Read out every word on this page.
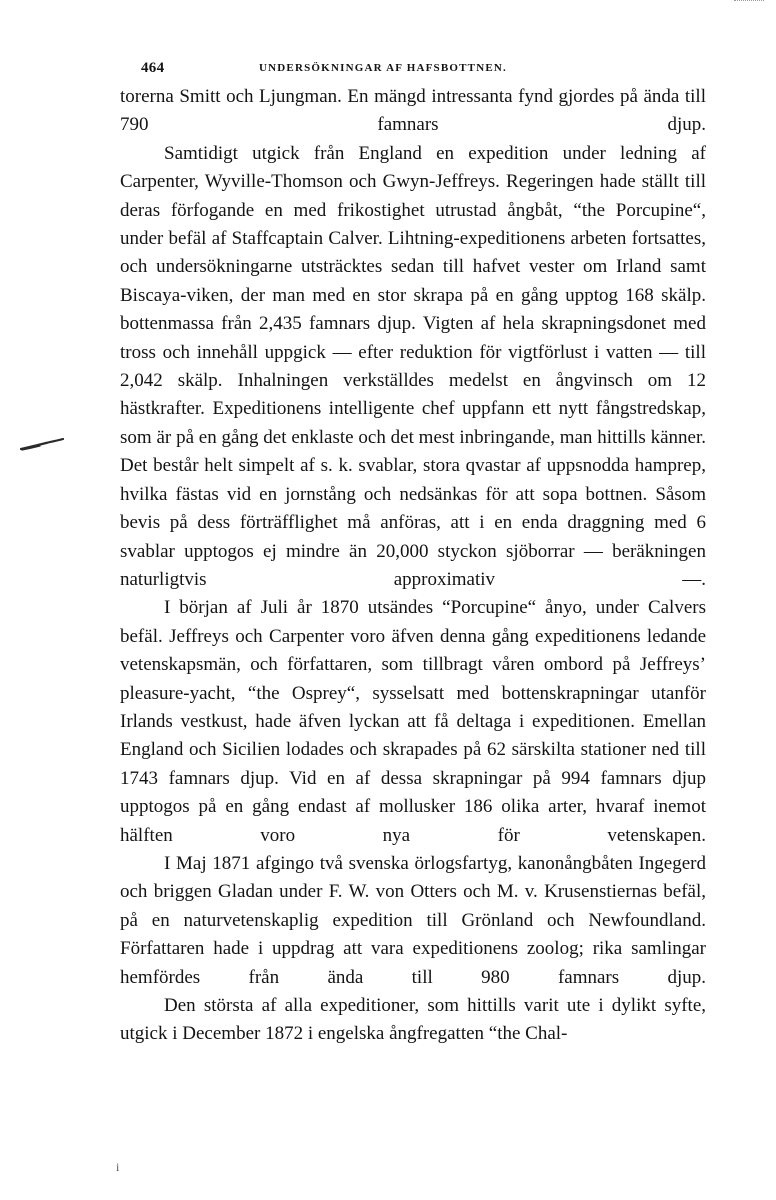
464	UNDERSÖKNINGAR AF HAFSBOTTNEN.

torerna Smitt och Ljungman. En mängd intressanta fynd gjordes på ända till 790 famnars djup.

Samtidigt utgick från England en expedition under ledning af Carpenter, Wyville-Thomson och Gwyn-Jeffreys. Regeringen hade ställt till deras förfogande en med frikostighet utrustad ångbåt, “the Porcupine“, under befäl af Staffcaptain Calver. Lihtning-expeditionens arbeten fortsattes, och undersökningarne utsträcktes sedan till hafvet vester om Irland samt Biscaya-viken, der man med en stor skrapa på en gång upptog 168 skälp. bottenmassa från 2,435 famnars djup. Vigten af hela skrapningsdonet med tross och innehåll uppgick — efter reduktion för vigtförlust i vatten — till 2,042 skälp. Inhalningen verkställdes medelst en ångvinsch om 12 hästkrafter. Expeditionens intelligente chef uppfann ett nytt fångstredskap, som är på en gång det enklaste och det mest inbringande, man hittills känner. Det består helt simpelt af s. k. svablar, stora qvastar af uppsnodda hamprep, hvilka fästas vid en jornstång och nedsänkas för att sopa bottnen. Såsom bevis på dess förträfflighet må anföras, att i en enda draggning med 6 svablar upptogos ej mindre än 20,000 styckon sjöborrar — beräkningen naturligtvis approximativ —.

I början af Juli år 1870 utsändes “Porcupine“ ånyo, under Calvers befäl. Jeffreys och Carpenter voro äfven denna gång expeditionens ledande vetenskapsmän, och författaren, som tillbragt våren ombord på Jeffreys’ pleasure-yacht, “the Osprey“, sysselsatt med bottenskrapningar utanför Irlands vestkust, hade äfven lyckan att få deltaga i expeditionen. Emellan England och Sicilien lodades och skrapades på 62 särskilta stationer ned till 1743 famnars djup. Vid en af dessa skrapningar på 994 famnars djup upptogos på en gång endast af mollusker 186 olika arter, hvaraf inemot hälften voro nya för vetenskapen.

I Maj 1871 afgingo två svenska örlogsfartyg, kanonångbåten Ingegerd och briggen Gladan under F. W. von Otters och M. v. Krusenstiernas befäl, på en naturvetenskaplig expedition till Grönland och Newfoundland. Författaren hade i uppdrag att vara expeditionens zoolog; rika samlingar hemfördes från ända till 980 famnars djup.

Den största af alla expeditioner, som hittills varit ute i dylikt syfte, utgick i December 1872 i engelska ångfregatten “the Chal-

i
